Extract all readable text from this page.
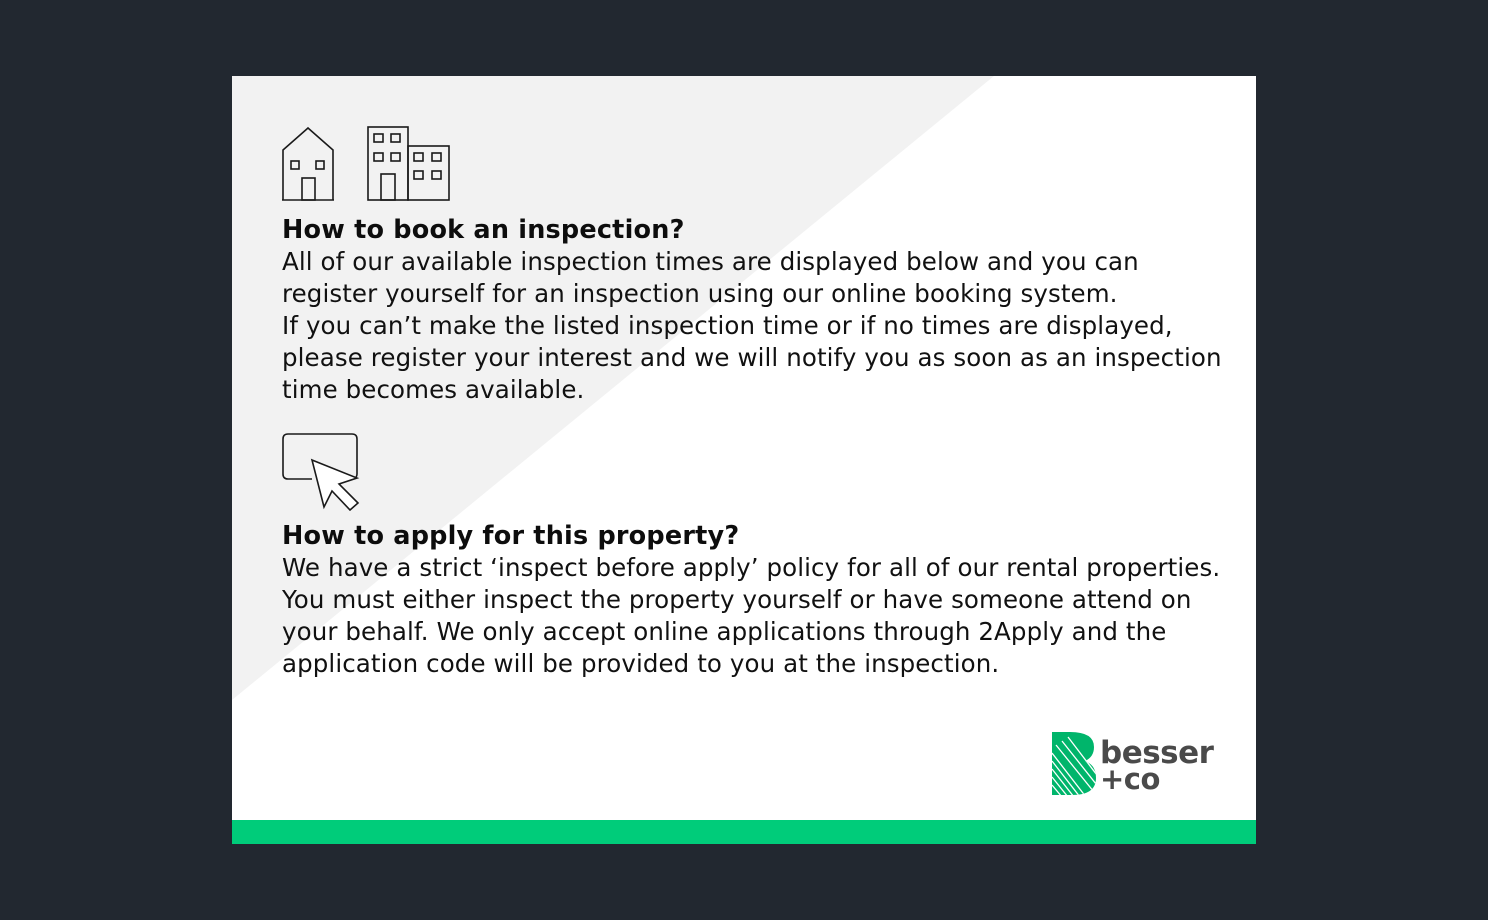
How to book an inspection?

All of our available inspection times are displayed below and you can register yourself for an inspection using our online booking system.

If you can’t make the listed inspection time or if no times are displayed, please register your interest and we will notify you as soon as an inspection time becomes available.

How to apply for this property?

We have a strict ‘inspect before apply’ policy for all of our rental properties. You must either inspect the property yourself or have someone attend on your behalf. We only accept online applications through 2Apply and the application code will be provided to you at the inspection.

besser
+co
